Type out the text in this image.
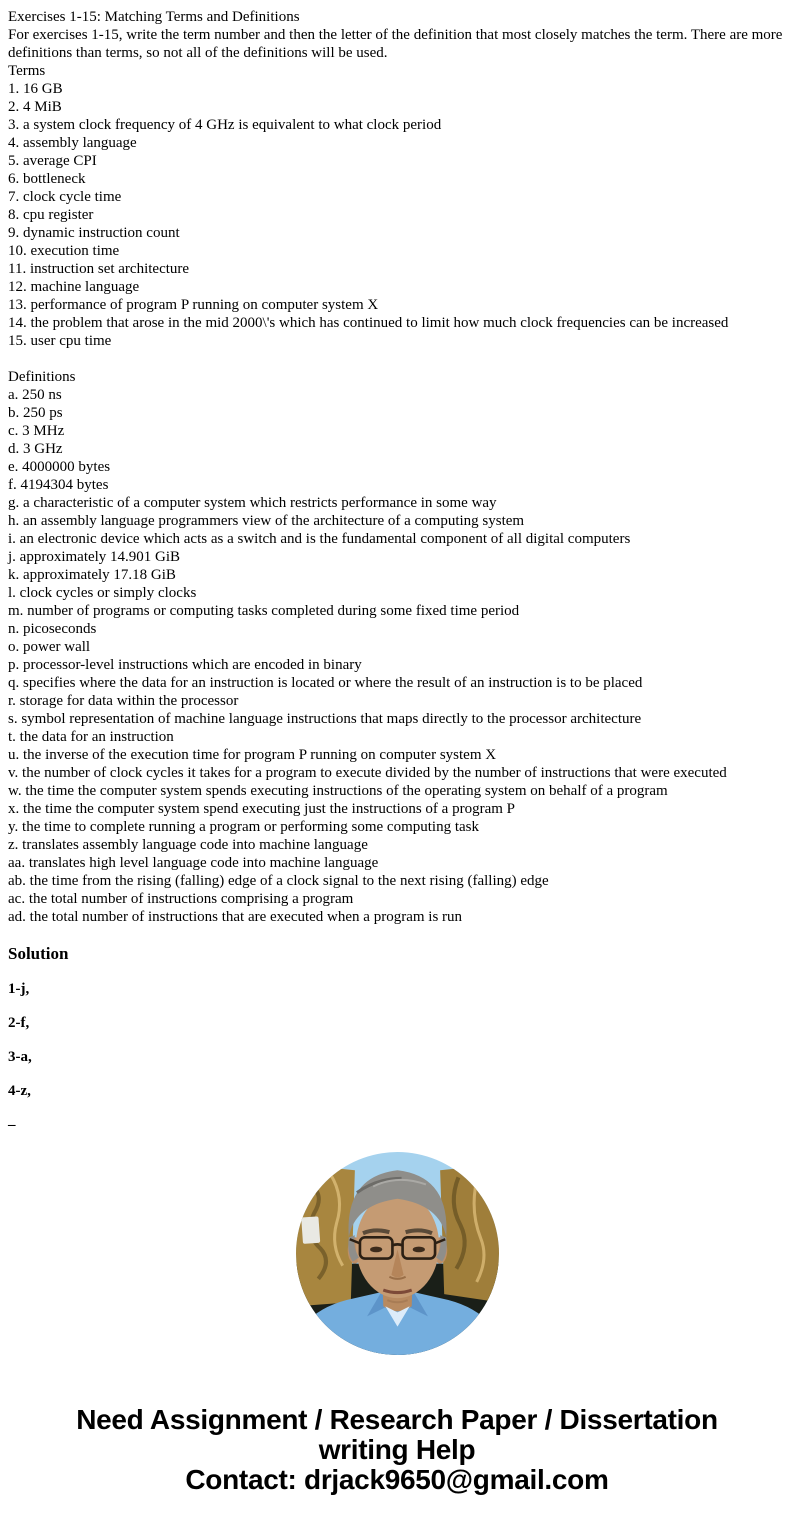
Exercises 1-15: Matching Terms and Definitions
For exercises 1-15, write the term number and then the letter of the definition that most closely matches the term. There are more definitions than terms, so not all of the definitions will be used.
Terms
1. 16 GB
2. 4 MiB
3. a system clock frequency of 4 GHz is equivalent to what clock period
4. assembly language
5. average CPI
6. bottleneck
7. clock cycle time
8. cpu register
9. dynamic instruction count
10. execution time
11. instruction set architecture
12. machine language
13. performance of program P running on computer system X
14. the problem that arose in the mid 2000\'s which has continued to limit how much clock frequencies can be increased
15. user cpu time
Definitions
a. 250 ns
b. 250 ps
c. 3 MHz
d. 3 GHz
e. 4000000 bytes
f. 4194304 bytes
g. a characteristic of a computer system which restricts performance in some way
h. an assembly language programmers view of the architecture of a computing system
i. an electronic device which acts as a switch and is the fundamental component of all digital computers
j. approximately 14.901 GiB
k. approximately 17.18 GiB
l. clock cycles or simply clocks
m. number of programs or computing tasks completed during some fixed time period
n. picoseconds
o. power wall
p. processor-level instructions which are encoded in binary
q. specifies where the data for an instruction is located or where the result of an instruction is to be placed
r. storage for data within the processor
s. symbol representation of machine language instructions that maps directly to the processor architecture
t. the data for an instruction
u. the inverse of the execution time for program P running on computer system X
v. the number of clock cycles it takes for a program to execute divided by the number of instructions that were executed
w. the time the computer system spends executing instructions of the operating system on behalf of a program
x. the time the computer system spend executing just the instructions of a program P
y. the time to complete running a program or performing some computing task
z. translates assembly language code into machine language
aa. translates high level language code into machine language
ab. the time from the rising (falling) edge of a clock signal to the next rising (falling) edge
ac. the total number of instructions comprising a program
ad. the total number of instructions that are executed when a program is run
Solution

1-j,

2-f,

3-a,

4-z,

–

Need Assignment / Research Paper / Dissertation
writing Help
Contact: drjack9650@gmail.com
